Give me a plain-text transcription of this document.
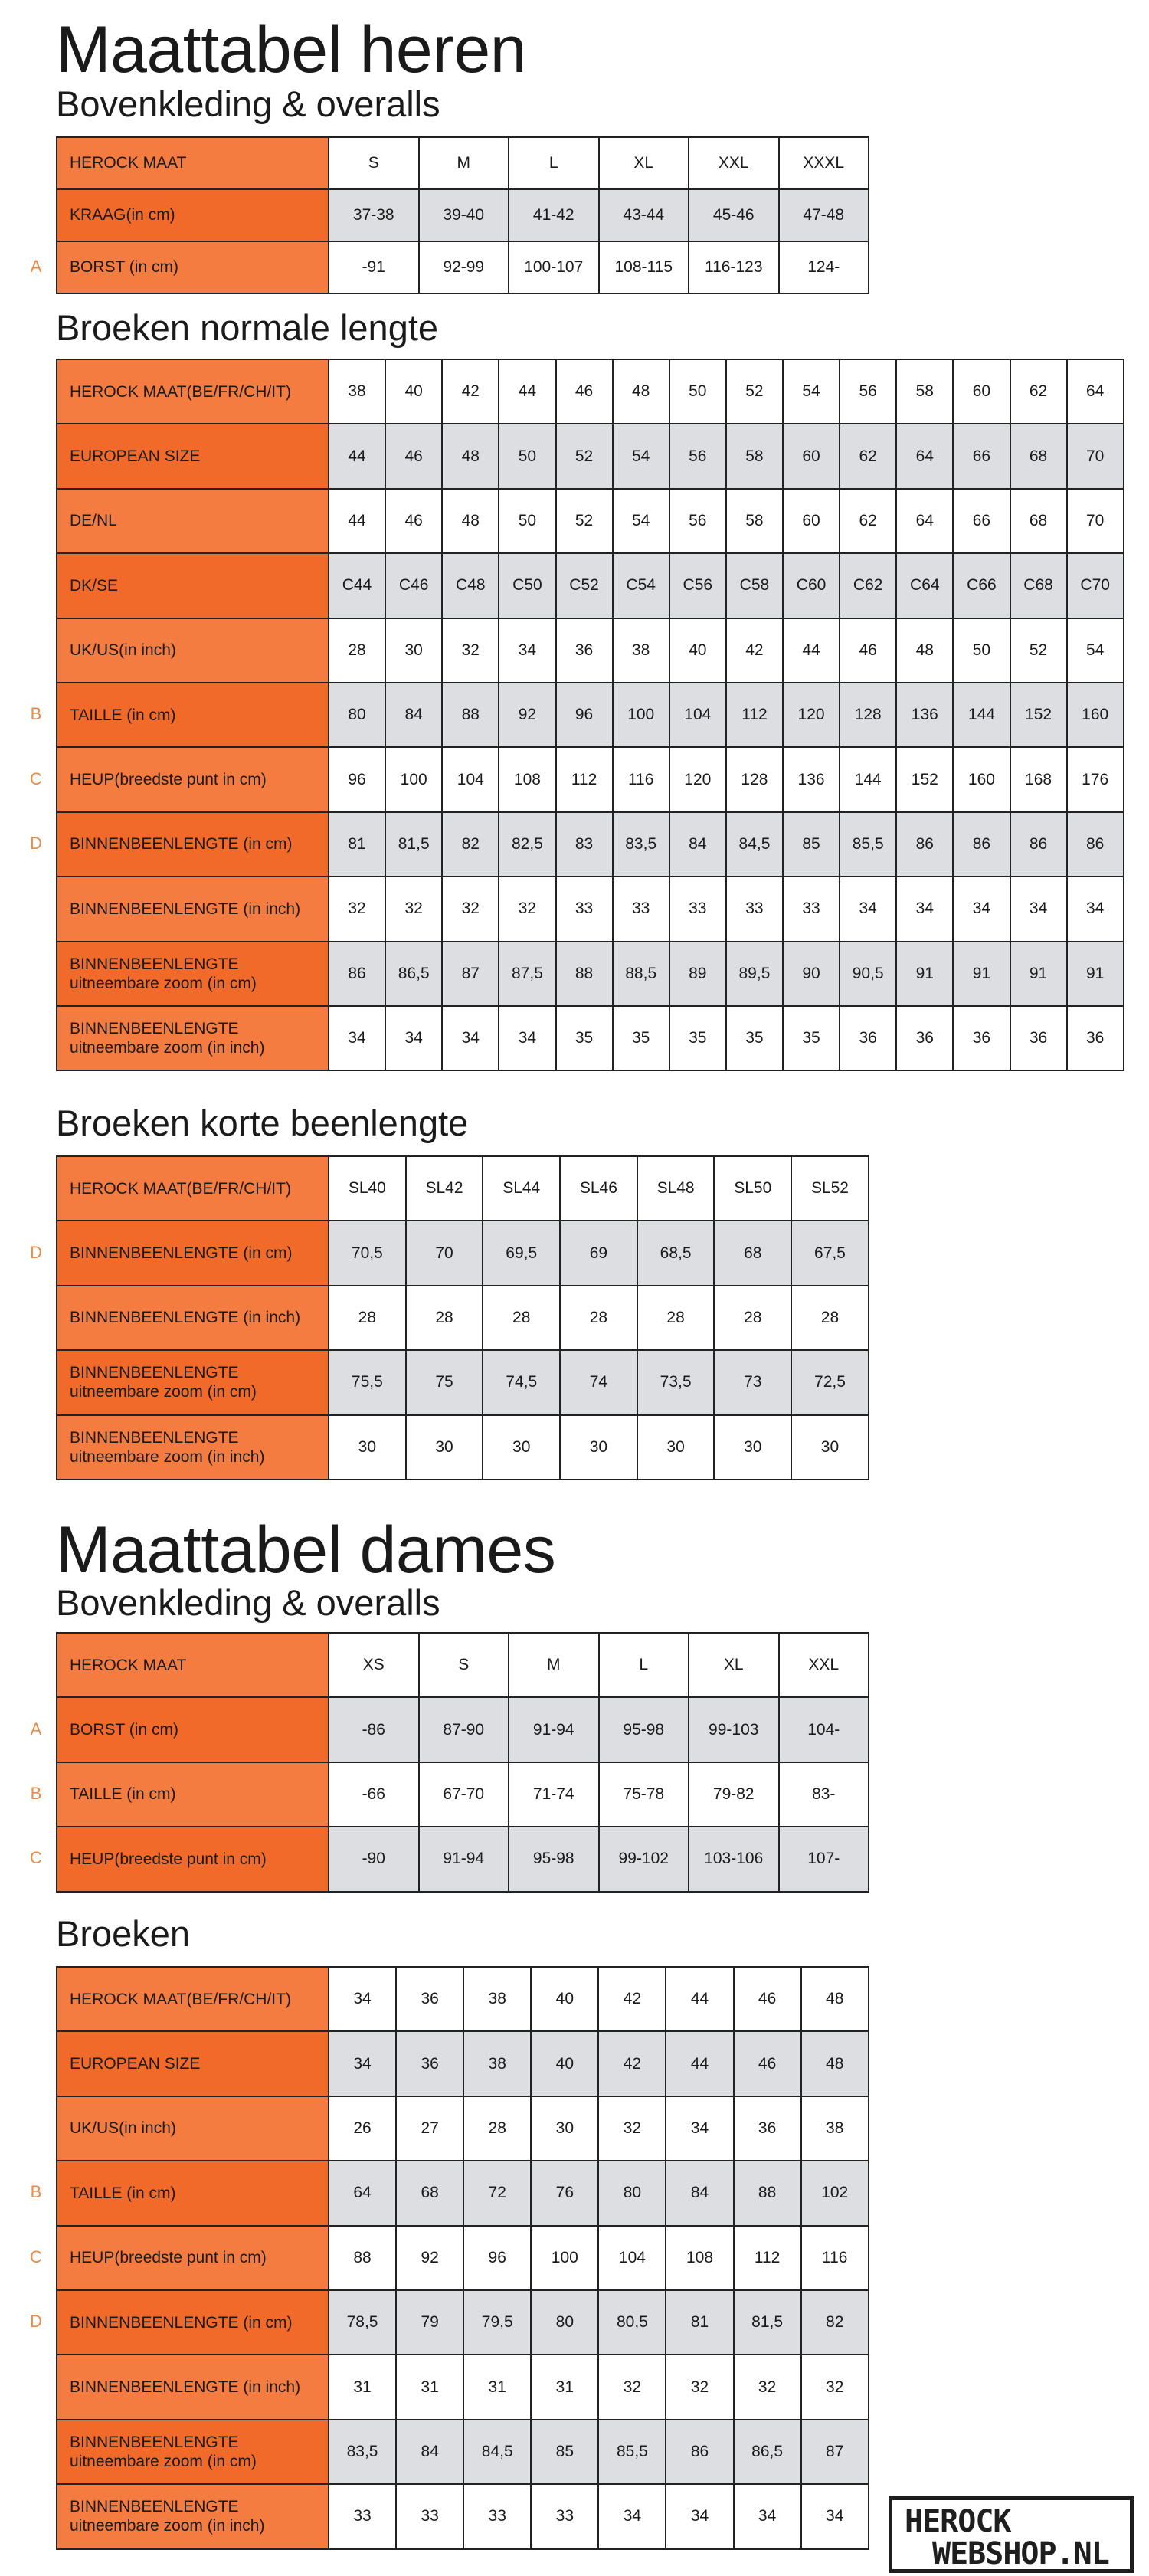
Maattabel heren
Bovenkleding & overalls
HEROCK MAAT	S	M	L	XL	XXL	XXXL
KRAAG(in cm)	37-38	39-40	41-42	43-44	45-46	47-48
BORST (in cm)	-91	92-99	100-107	108-115	116-123	124-
Broeken normale lengte
HEROCK MAAT(BE/FR/CH/IT)	38	40	42	44	46	48	50	52	54	56	58	60	62	64
EUROPEAN SIZE	44	46	48	50	52	54	56	58	60	62	64	66	68	70
DE/NL	44	46	48	50	52	54	56	58	60	62	64	66	68	70
DK/SE	C44	C46	C48	C50	C52	C54	C56	C58	C60	C62	C64	C66	C68	C70
UK/US(in inch)	28	30	32	34	36	38	40	42	44	46	48	50	52	54
TAILLE (in cm)	80	84	88	92	96	100	104	112	120	128	136	144	152	160
HEUP(breedste punt in cm)	96	100	104	108	112	116	120	128	136	144	152	160	168	176
BINNENBEENLENGTE (in cm)	81	81,5	82	82,5	83	83,5	84	84,5	85	85,5	86	86	86	86
BINNENBEENLENGTE (in inch)	32	32	32	32	33	33	33	33	33	34	34	34	34	34
BINNENBEENLENGTE
uitneembare zoom (in cm)	86	86,5	87	87,5	88	88,5	89	89,5	90	90,5	91	91	91	91
BINNENBEENLENGTE
uitneembare zoom (in inch)	34	34	34	34	35	35	35	35	35	36	36	36	36	36
Broeken korte beenlengte
HEROCK MAAT(BE/FR/CH/IT)	SL40	SL42	SL44	SL46	SL48	SL50	SL52
BINNENBEENLENGTE (in cm)	70,5	70	69,5	69	68,5	68	67,5
BINNENBEENLENGTE (in inch)	28	28	28	28	28	28	28
BINNENBEENLENGTE
uitneembare zoom (in cm)	75,5	75	74,5	74	73,5	73	72,5
BINNENBEENLENGTE
uitneembare zoom (in inch)	30	30	30	30	30	30	30
Maattabel dames
Bovenkleding & overalls
HEROCK MAAT	XS	S	M	L	XL	XXL
BORST (in cm)	-86	87-90	91-94	95-98	99-103	104-
TAILLE (in cm)	-66	67-70	71-74	75-78	79-82	83-
HEUP(breedste punt in cm)	-90	91-94	95-98	99-102	103-106	107-
Broeken
HEROCK MAAT(BE/FR/CH/IT)	34	36	38	40	42	44	46	48
EUROPEAN SIZE	34	36	38	40	42	44	46	48
UK/US(in inch)	26	27	28	30	32	34	36	38
TAILLE (in cm)	64	68	72	76	80	84	88	102
HEUP(breedste punt in cm)	88	92	96	100	104	108	112	116
BINNENBEENLENGTE (in cm)	78,5	79	79,5	80	80,5	81	81,5	82
BINNENBEENLENGTE (in inch)	31	31	31	31	32	32	32	32
BINNENBEENLENGTE
uitneembare zoom (in cm)	83,5	84	84,5	85	85,5	86	86,5	87
BINNENBEENLENGTE
uitneembare zoom (in inch)	33	33	33	33	34	34	34	34
A
B
C
D
D
A
B
C
B
C
D
HEROCK
WEBSHOP.NL
